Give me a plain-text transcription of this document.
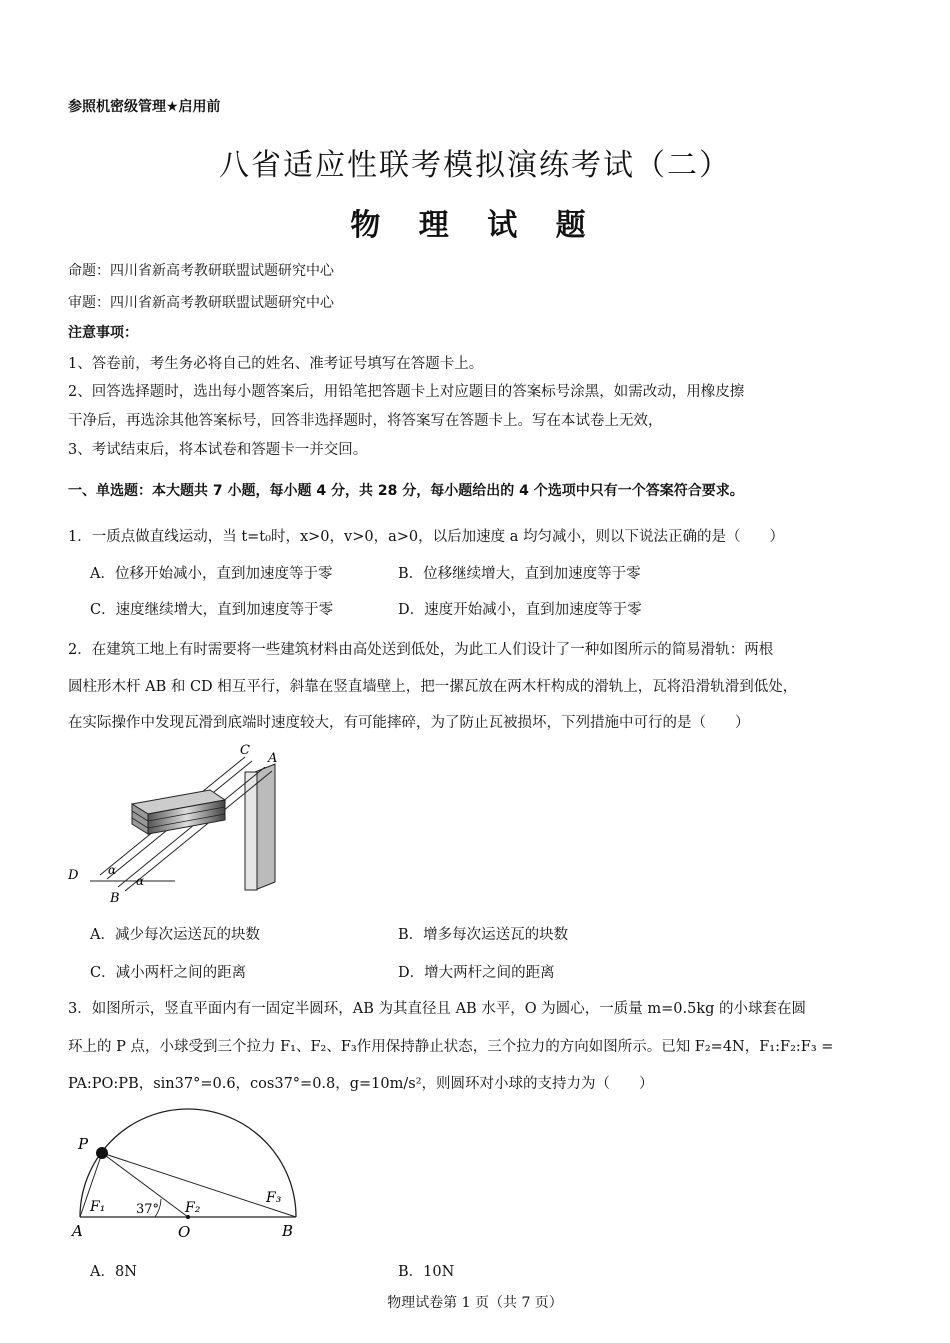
参照机密级管理★启用前
八省适应性联考模拟演练考试（二）
物 理 试 题
命题：四川省新高考教研联盟试题研究中心
审题：四川省新高考教研联盟试题研究中心
注意事项：
1、答卷前，考生务必将自己的姓名、准考证号填写在答题卡上。
2、回答选择题时，选出每小题答案后，用铅笔把答题卡上对应题目的答案标号涂黑，如需改动，用橡皮擦
干净后，再选涂其他答案标号，回答非选择题时，将答案写在答题卡上。写在本试卷上无效，
3、考试结束后，将本试卷和答题卡一并交回。
一、单选题：本大题共 7 小题，每小题 4 分，共 28 分，每小题给出的 4 个选项中只有一个答案符合要求。
1．一质点做直线运动，当 t=t₀时，x>0，v>0，a>0，以后加速度 a 均匀减小，则以下说法正确的是（　　）
A．位移开始减小，直到加速度等于零	B．位移继续增大，直到加速度等于零
C．速度继续增大，直到加速度等于零	D．速度开始减小，直到加速度等于零
2．在建筑工地上有时需要将一些建筑材料由高处送到低处，为此工人们设计了一种如图所示的简易滑轨：两根
圆柱形木杆 AB 和 CD 相互平行，斜靠在竖直墙壁上，把一摞瓦放在两木杆构成的滑轨上，瓦将沿滑轨滑到低处，
在实际操作中发现瓦滑到底端时速度较大，有可能摔碎，为了防止瓦被损坏，下列措施中可行的是（　　）
C
A
D
B
α
α
A．减少每次运送瓦的块数	B．增多每次运送瓦的块数
C．减小两杆之间的距离	D．增大两杆之间的距离
3．如图所示，竖直平面内有一固定半圆环，AB 为其直径且 AB 水平，O 为圆心，一质量 m=0.5kg 的小球套在圆
环上的 P 点，小球受到三个拉力 F₁、F₂、F₃作用保持静止状态，三个拉力的方向如图所示。已知 F₂=4N，F₁:F₂:F₃ =
PA:PO:PB，sin37°=0.6，cos37°=0.8，g=10m/s²，则圆环对小球的支持力为（　　）
P
A	O	B
F₁	F₂
F₃
37°
A．8N	B．10N
物理试卷第 1 页（共 7 页）
